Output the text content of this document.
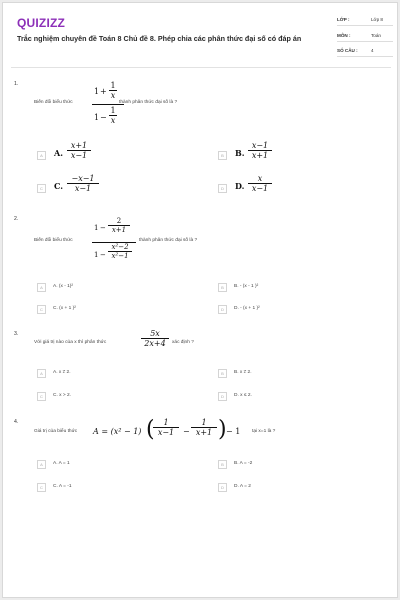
QUIZIZZ
Trắc nghiệm chuyên đề Toán 8 Chủ đề 8. Phép chia các phân thức đại số có đáp án
LỚP :	Lớp 8
MÔN :	Toán
SỐ CÂU :	4
1.
Biến đổi biểu thức
$1 + \frac{1}{x}$
$1 - \frac{1}{x}$
thành phân thức đại số là ?
A	A. $\frac{x+1}{x-1}$	B	B. $\frac{x-1}{x+1}$
C	C. $\frac{-x-1}{x-1}$	D	D. $\frac{x}{x-1}$
2.
Biến đổi biểu thức
$1 - \frac{2}{x+1}$
$1 - \frac{\text{x²−2}}{\text{x²−1}}$
thành phân thức đại số là ?
A	A. (x - 1)²	B	B. - (x - 1 )²
C	C. (x + 1 )²	D	D. - (x + 1 )²
3.
Với giá trị nào của x thì phân thức	$\frac{5x}{2x+4}$ xác định ?
A	A. x ≠ 2.	B	B. x ≠ 2.
C	C. x > 2.	D	D. x ≤ 2.
4.
Giá trị của biểu thức A = (x² − 1) (
$\frac{1}{x-1} - \frac{1}{x+1}$ ) − 1 tại x=1 là ?
A	A. A = 1	B	B. A = -2
C	C. A = -1	D	D. A = 2
